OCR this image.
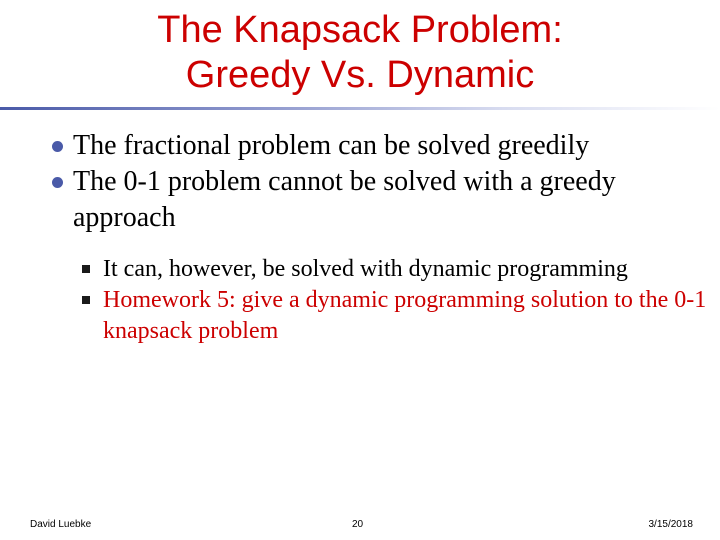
The Knapsack Problem:
Greedy Vs. Dynamic
The fractional problem can be solved greedily
The 0-1 problem cannot be solved with a greedy approach
It can, however, be solved with dynamic programming
Homework 5: give a dynamic programming solution to the 0-1 knapsack problem
David Luebke	20	3/15/2018
